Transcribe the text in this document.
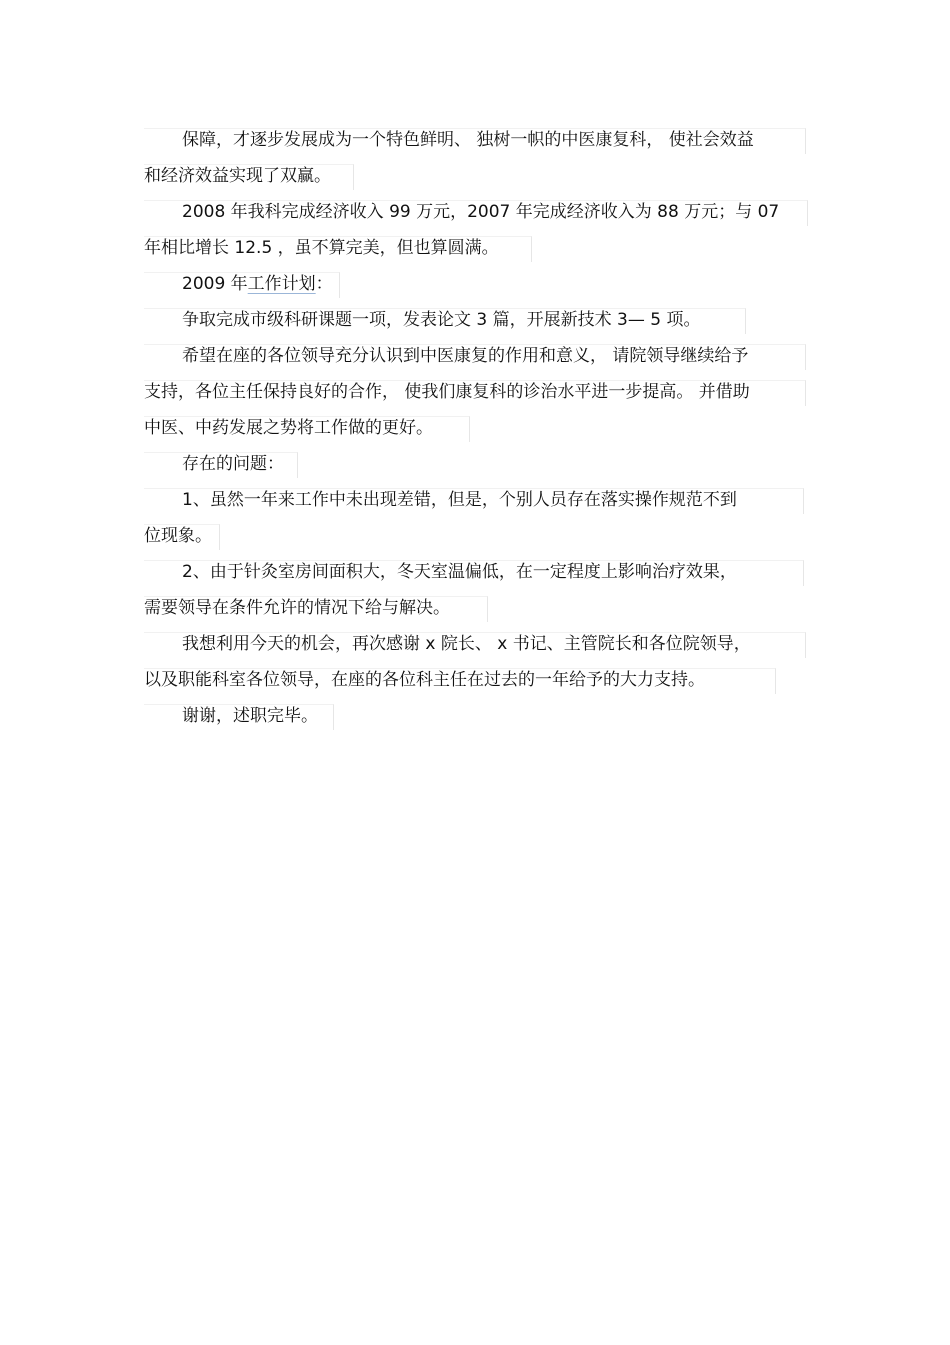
保障，才逐步发展成为一个特色鲜明、 独树一帜的中医康复科， 使社会效益
和经济效益实现了双赢。
2008 年我科完成经济收入 99 万元，2007 年完成经济收入为 88 万元；与 07
年相比增长 12.5 ，虽不算完美，但也算圆满。
2009 年工作计划：
争取完成市级科研课题一项，发表论文 3 篇，开展新技术 3— 5 项。
希望在座的各位领导充分认识到中医康复的作用和意义， 请院领导继续给予
支持，各位主任保持良好的合作， 使我们康复科的诊治水平进一步提高。 并借助
中医、中药发展之势将工作做的更好。
存在的问题：
1、虽然一年来工作中未出现差错，但是，个别人员存在落实操作规范不到
位现象。
2、由于针灸室房间面积大，冬天室温偏低，在一定程度上影响治疗效果，
需要领导在条件允许的情况下给与解决。
我想利用今天的机会，再次感谢 x 院长、 x 书记、主管院长和各位院领导，
以及职能科室各位领导，在座的各位科主任在过去的一年给予的大力支持。
谢谢，述职完毕。
